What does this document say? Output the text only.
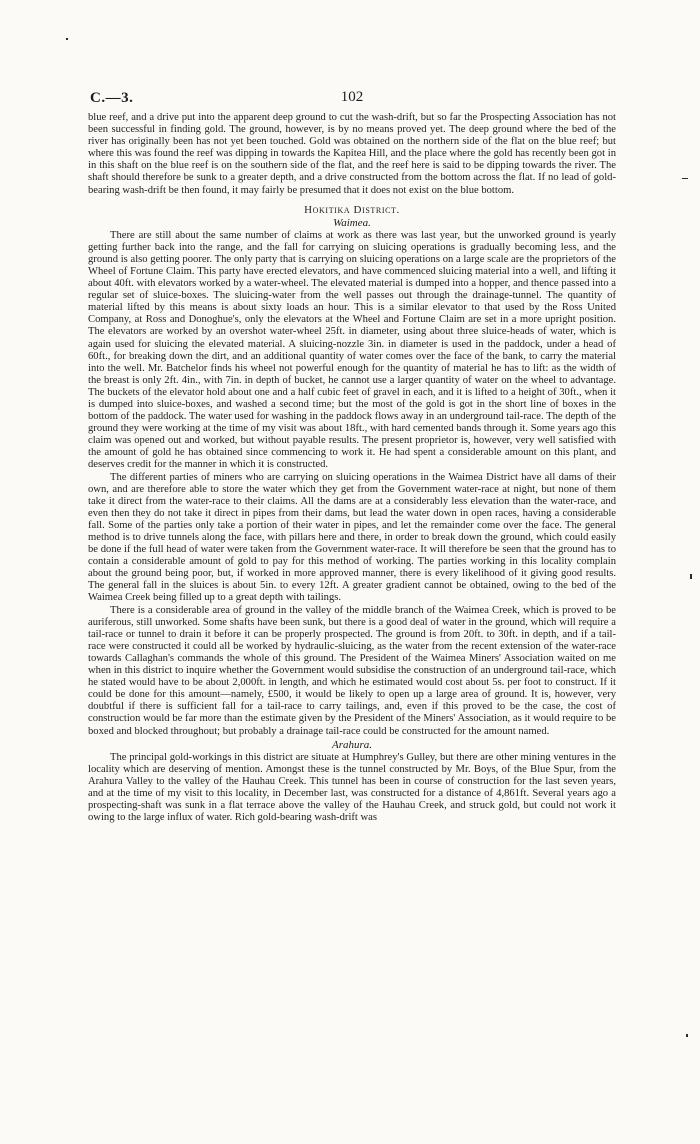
C.—3.	102

blue reef, and a drive put into the apparent deep ground to cut the wash-drift, but so far the Prospecting Association has not been successful in finding gold. The ground, however, is by no means proved yet. The deep ground where the bed of the river has originally been has not yet been touched. Gold was obtained on the northern side of the flat on the blue reef; but where this was found the reef was dipping in towards the Kapitea Hill, and the place where the gold has recently been got in in this shaft on the blue reef is on the southern side of the flat, and the reef here is said to be dipping towards the river. The shaft should therefore be sunk to a greater depth, and a drive constructed from the bottom across the flat. If no lead of gold-bearing wash-drift be then found, it may fairly be presumed that it does not exist on the blue bottom.

Hokitika District.
Waimea.

There are still about the same number of claims at work as there was last year, but the unworked ground is yearly getting further back into the range, and the fall for carrying on sluicing operations is gradually becoming less, and the ground is also getting poorer. The only party that is carrying on sluicing operations on a large scale are the proprietors of the Wheel of Fortune Claim. This party have erected elevators, and have commenced sluicing material into a well, and lifting it about 40ft. with elevators worked by a water-wheel. The elevated material is dumped into a hopper, and thence passed into a regular set of sluice-boxes. The sluicing-water from the well passes out through the drainage-tunnel. The quantity of material lifted by this means is about sixty loads an hour. This is a similar elevator to that used by the Ross United Company, at Ross and Donoghue's, only the elevators at the Wheel and Fortune Claim are set in a more upright position. The elevators are worked by an overshot water-wheel 25ft. in diameter, using about three sluice-heads of water, which is again used for sluicing the elevated material. A sluicing-nozzle 3in. in diameter is used in the paddock, under a head of 60ft., for breaking down the dirt, and an additional quantity of water comes over the face of the bank, to carry the material into the well. Mr. Batchelor finds his wheel not powerful enough for the quantity of material he has to lift: as the width of the breast is only 2ft. 4in., with 7in. in depth of bucket, he cannot use a larger quantity of water on the wheel to advantage. The buckets of the elevator hold about one and a half cubic feet of gravel in each, and it is lifted to a height of 30ft., when it is dumped into sluice-boxes, and washed a second time; but the most of the gold is got in the short line of boxes in the bottom of the paddock. The water used for washing in the paddock flows away in an underground tail-race. The depth of the ground they were working at the time of my visit was about 18ft., with hard cemented bands through it. Some years ago this claim was opened out and worked, but without payable results. The present proprietor is, however, very well satisfied with the amount of gold he has obtained since commencing to work it. He had spent a considerable amount on this plant, and deserves credit for the manner in which it is constructed.

The different parties of miners who are carrying on sluicing operations in the Waimea District have all dams of their own, and are therefore able to store the water which they get from the Government water-race at night, but none of them take it direct from the water-race to their claims. All the dams are at a considerably less elevation than the water-race, and even then they do not take it direct in pipes from their dams, but lead the water down in open races, having a considerable fall. Some of the parties only take a portion of their water in pipes, and let the remainder come over the face. The general method is to drive tunnels along the face, with pillars here and there, in order to break down the ground, which could easily be done if the full head of water were taken from the Government water-race. It will therefore be seen that the ground has to contain a considerable amount of gold to pay for this method of working. The parties working in this locality complain about the ground being poor, but, if worked in more approved manner, there is every likelihood of it giving good results. The general fall in the sluices is about 5in. to every 12ft. A greater gradient cannot be obtained, owing to the bed of the Waimea Creek being filled up to a great depth with tailings.

There is a considerable area of ground in the valley of the middle branch of the Waimea Creek, which is proved to be auriferous, still unworked. Some shafts have been sunk, but there is a good deal of water in the ground, which will require a tail-race or tunnel to drain it before it can be properly prospected. The ground is from 20ft. to 30ft. in depth, and if a tail-race were constructed it could all be worked by hydraulic-sluicing, as the water from the recent extension of the water-race towards Callaghan's commands the whole of this ground. The President of the Waimea Miners' Association waited on me when in this district to inquire whether the Government would subsidise the construction of an underground tail-race, which he stated would have to be about 2,000ft. in length, and which he estimated would cost about 5s. per foot to construct. If it could be done for this amount—namely, £500, it would be likely to open up a large area of ground. It is, however, very doubtful if there is sufficient fall for a tail-race to carry tailings, and, even if this proved to be the case, the cost of construction would be far more than the estimate given by the President of the Miners' Association, as it would require to be boxed and blocked throughout; but probably a drainage tail-race could be constructed for the amount named.

Arahura.

The principal gold-workings in this district are situate at Humphrey's Gulley, but there are other mining ventures in the locality which are deserving of mention. Amongst these is the tunnel constructed by Mr. Boys, of the Blue Spur, from the Arahura Valley to the valley of the Hauhau Creek. This tunnel has been in course of construction for the last seven years, and at the time of my visit to this locality, in December last, was constructed for a distance of 4,861ft. Several years ago a prospecting-shaft was sunk in a flat terrace above the valley of the Hauhau Creek, and struck gold, but could not work it owing to the large influx of water. Rich gold-bearing wash-drift was
